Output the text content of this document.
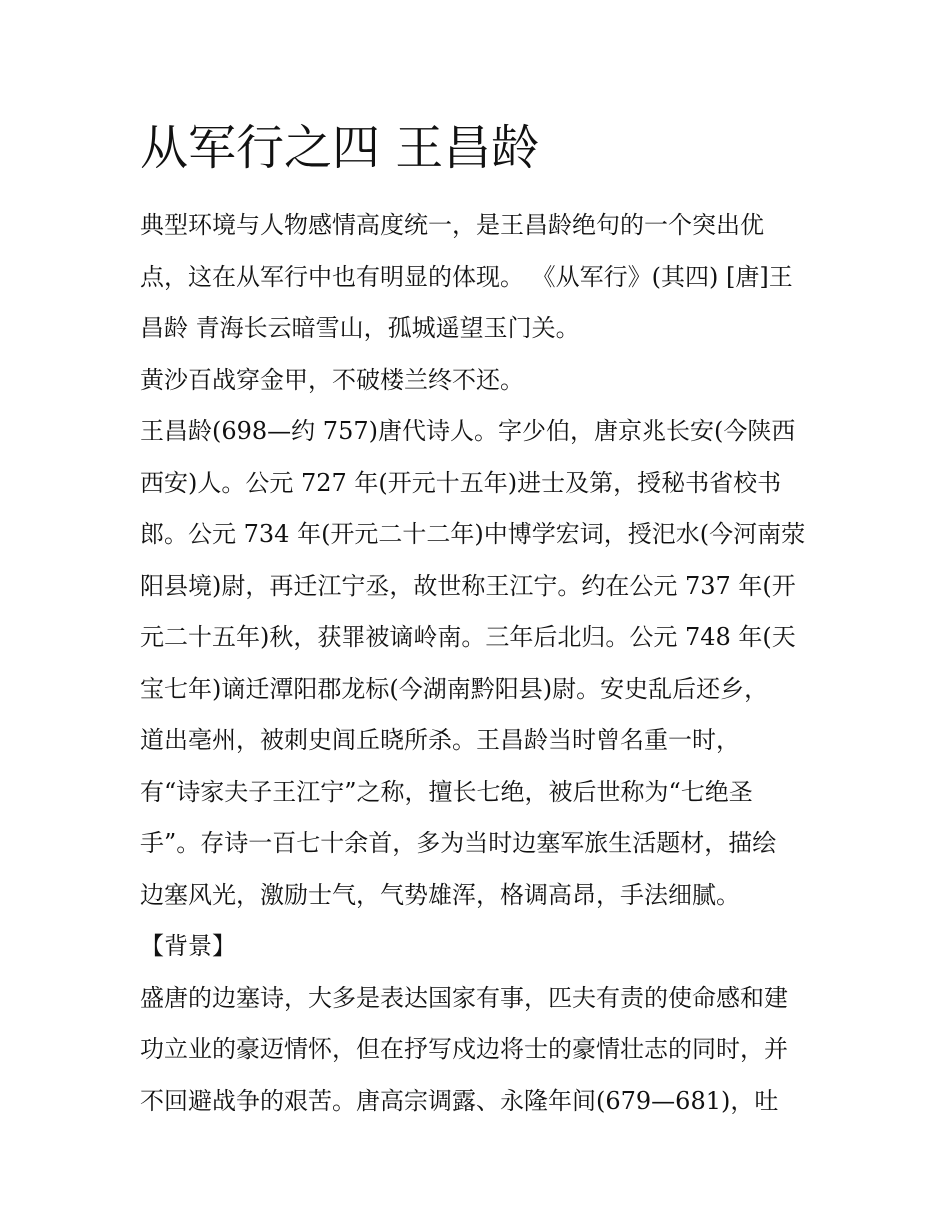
从军行之四 王昌龄
典型环境与人物感情高度统一，是王昌龄绝句的一个突出优
点，这在从军行中也有明显的体现。 《从军行》(其四) [唐]王
昌龄 青海长云暗雪山，孤城遥望玉门关。
黄沙百战穿金甲，不破楼兰终不还。
王昌龄(698—约 757)唐代诗人。字少伯，唐京兆长安(今陕西
西安)人。公元 727 年(开元十五年)进士及第，授秘书省校书
郎。公元 734 年(开元二十二年)中博学宏词，授汜水(今河南荥
阳县境)尉，再迁江宁丞，故世称王江宁。约在公元 737 年(开
元二十五年)秋，获罪被谪岭南。三年后北归。公元 748 年(天
宝七年)谪迁潭阳郡龙标(今湖南黔阳县)尉。安史乱后还乡，
道出亳州，被刺史闾丘晓所杀。王昌龄当时曾名重一时，
有“诗家夫子王江宁”之称，擅长七绝，被后世称为“七绝圣
手”。存诗一百七十余首，多为当时边塞军旅生活题材，描绘
边塞风光，激励士气，气势雄浑，格调高昂，手法细腻。
【背景】
盛唐的边塞诗，大多是表达国家有事，匹夫有责的使命感和建
功立业的豪迈情怀，但在抒写戍边将士的豪情壮志的同时，并
不回避战争的艰苦。唐高宗调露、永隆年间(679—681)，吐
